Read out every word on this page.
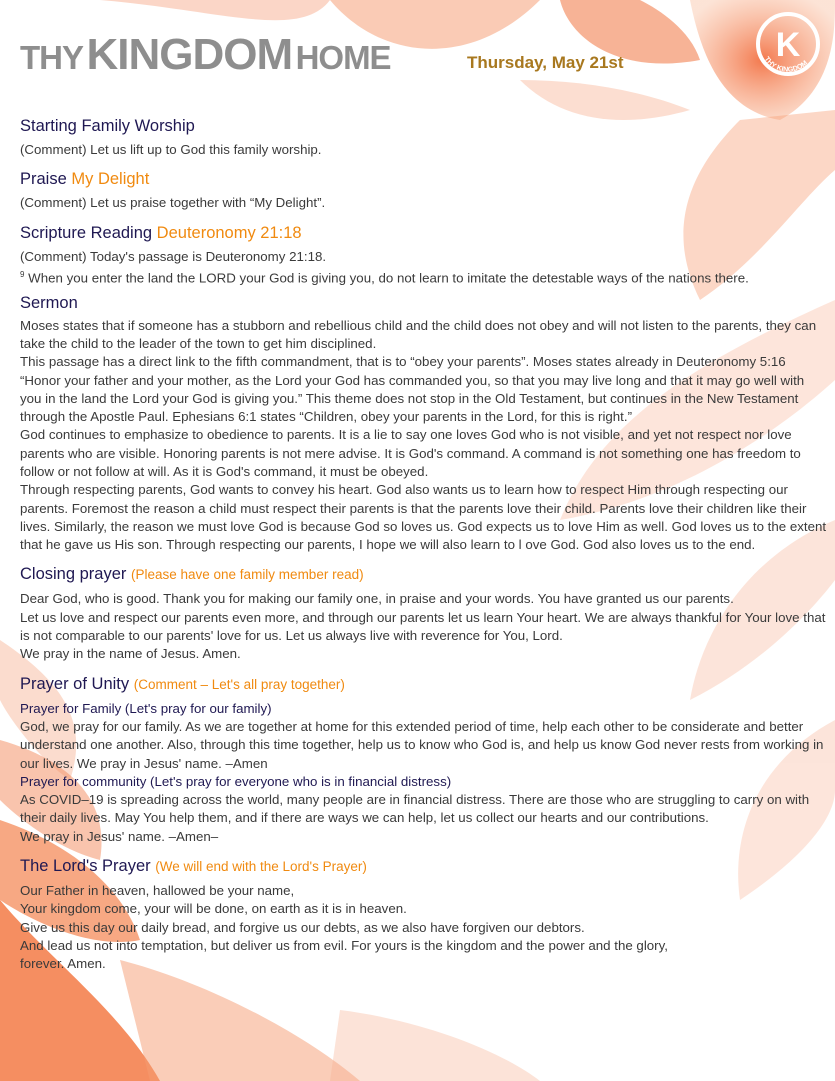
THY KINGDOM HOME	Thursday, May 21st	K
THY KINGDOM
Starting Family Worship

(Comment) Let us lift up to God this family worship.

Praise My Delight

(Comment) Let us praise together with “My Delight”.

Scripture Reading Deuteronomy 21:18

(Comment) Today's passage is Deuteronomy 21:18.

$^9$ When you enter the land the LORD your God is giving you, do not learn to imitate the detestable ways of the nations there.

Sermon

Moses states that if someone has a stubborn and rebellious child and the child does not obey and will not listen to the parents, they can take the child to the leader of the town to get him disciplined.

This passage has a direct link to the fifth commandment, that is to “obey your parents”. Moses states already in Deuteronomy 5:16 “Honor your father and your mother, as the Lord your God has commanded you, so that you may live long and that it may go well with you in the land the Lord your God is giving you.” This theme does not stop in the Old Testament, but continues in the New Testament through the Apostle Paul. Ephesians 6:1 states “Children, obey your parents in the Lord, for this is right.”

God continues to emphasize to obedience to parents. It is a lie to say one loves God who is not visible, and yet not respect nor love parents who are visible. Honoring parents is not mere advise. It is God's command. A command is not something one has freedom to follow or not follow at will. As it is God's command, it must be obeyed.

Through respecting parents, God wants to convey his heart. God also wants us to learn how to respect Him through respecting our parents. Foremost the reason a child must respect their parents is that the parents love their child. Parents love their children like their lives. Similarly, the reason we must love God is because God so loves us. God expects us to love Him as well. God loves us to the extent that he gave us His son. Through respecting our parents, I hope we will also learn to l ove God. God also loves us to the end.

Closing prayer (Please have one family member read)

Dear God, who is good. Thank you for making our family one, in praise and your words. You have granted us our parents.

Let us love and respect our parents even more, and through our parents let us learn Your heart. We are always thankful for Your love that is not comparable to our parents' love for us. Let us always live with reverence for You, Lord.

We pray in the name of Jesus. Amen.

Prayer of Unity (Comment – Let's all pray together)

Prayer for Family (Let's pray for our family)

God, we pray for our family. As we are together at home for this extended period of time, help each other to be considerate and better understand one another. Also, through this time together, help us to know who God is, and help us know God never rests from working in our lives. We pray in Jesus' name. –Amen

Prayer for community (Let's pray for everyone who is in financial distress)

As COVID–19 is spreading across the world, many people are in financial distress. There are those who are struggling to carry on with their daily lives. May You help them, and if there are ways we can help, let us collect our hearts and our contributions.

We pray in Jesus' name. –Amen–

The Lord's Prayer (We will end with the Lord's Prayer)

Our Father in heaven, hallowed be your name,

Your kingdom come, your will be done, on earth as it is in heaven.

Give us this day our daily bread, and forgive us our debts, as we also have forgiven our debtors.

And lead us not into temptation, but deliver us from evil. For yours is the kingdom and the power and the glory,

forever. Amen.
